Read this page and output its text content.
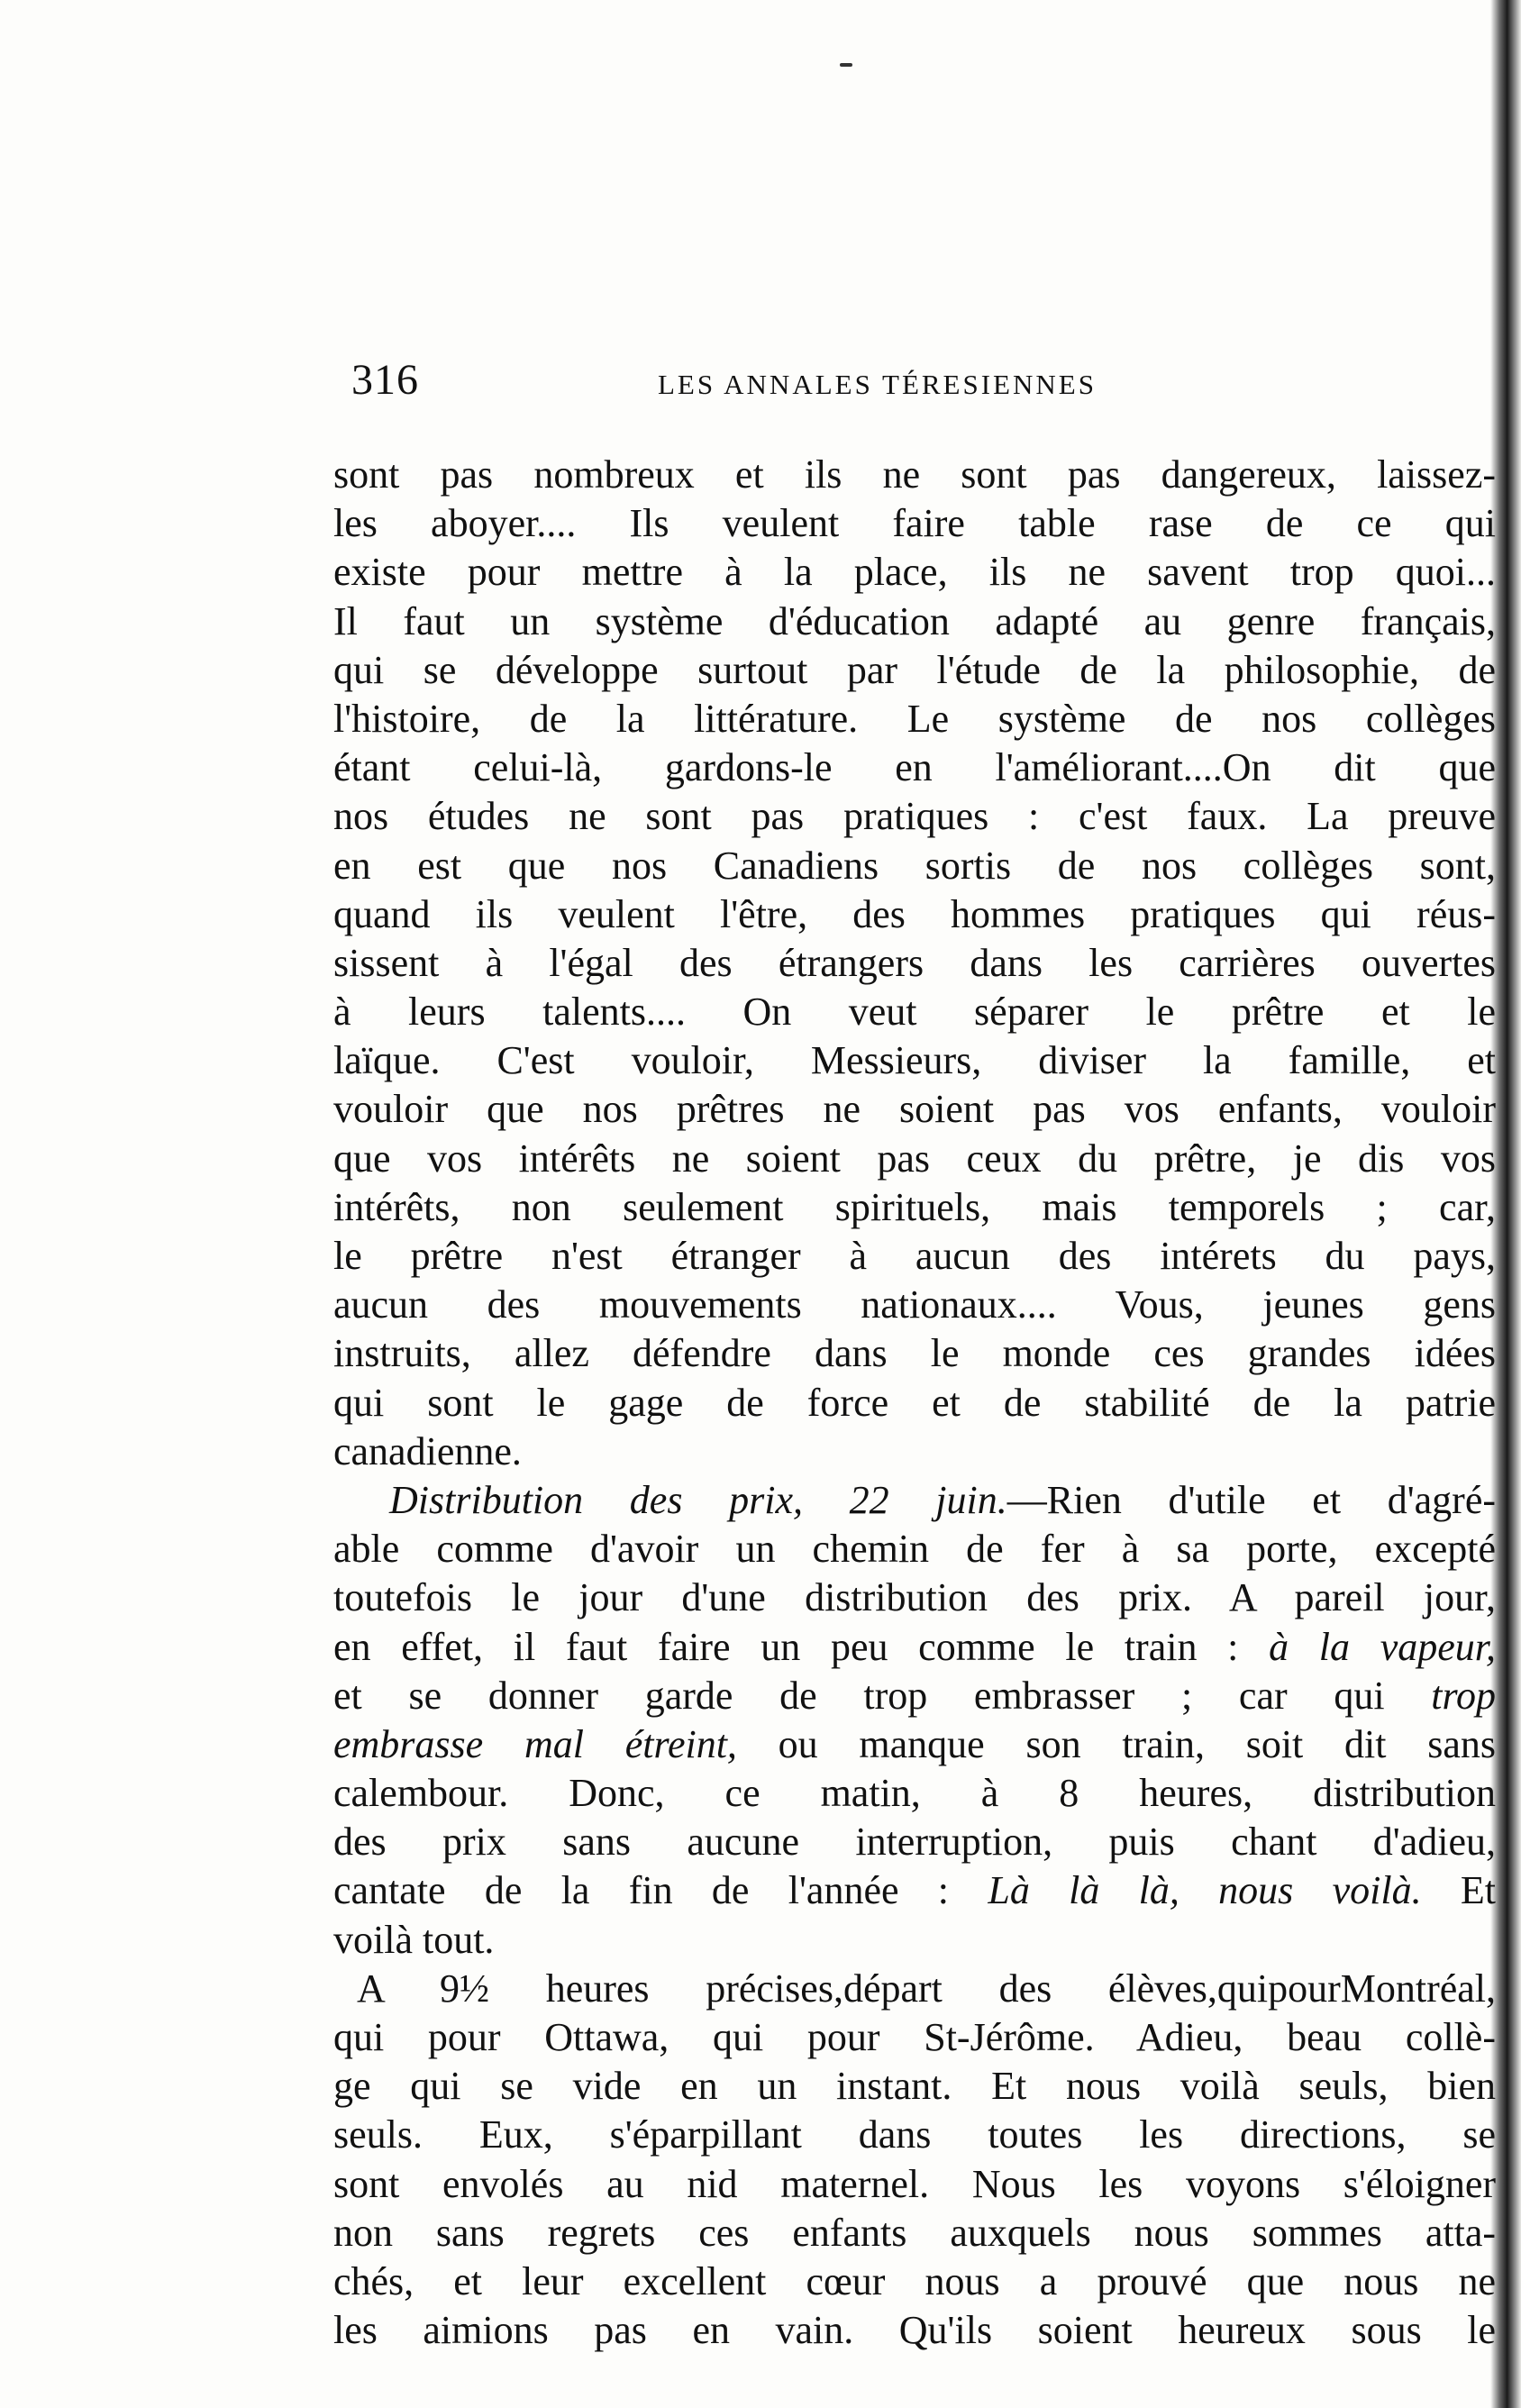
316	LES ANNALES TÉRESIENNES
sont pas nombreux et ils ne sont pas dangereux, laissez-
les aboyer.... Ils veulent faire table rase de ce qui
existe pour mettre à la place, ils ne savent trop quoi...
Il faut un système d'éducation adapté au genre français,
qui se développe surtout par l'étude de la philosophie, de
l'histoire, de la littérature. Le système de nos collèges
étant celui-là, gardons-le en l'améliorant....On dit que
nos études ne sont pas pratiques : c'est faux. La preuve
en est que nos Canadiens sortis de nos collèges sont,
quand ils veulent l'être, des hommes pratiques qui réus-
sissent à l'égal des étrangers dans les carrières ouvertes
à leurs talents.... On veut séparer le prêtre et le
laïque. C'est vouloir, Messieurs, diviser la famille, et
vouloir que nos prêtres ne soient pas vos enfants, vouloir
que vos intérêts ne soient pas ceux du prêtre, je dis vos
intérêts, non seulement spirituels, mais temporels ; car,
le prêtre n'est étranger à aucun des intérets du pays,
aucun des mouvements nationaux.... Vous, jeunes gens
instruits, allez défendre dans le monde ces grandes idées
qui sont le gage de force et de stabilité de la patrie
canadienne.
Distribution des prix, 22 juin.—Rien d'utile et d'agré-
able comme d'avoir un chemin de fer à sa porte, excepté
toutefois le jour d'une distribution des prix. A pareil jour,
en effet, il faut faire un peu comme le train : à la vapeur,
et se donner garde de trop embrasser ; car qui trop
embrasse mal étreint, ou manque son train, soit dit sans
calembour. Donc, ce matin, à 8 heures, distribution
des prix sans aucune interruption, puis chant d'adieu,
cantate de la fin de l'année : Là là là, nous voilà. Et
voilà tout.
A 9½ heures précises,départ des élèves,quipourMontréal,
qui pour Ottawa, qui pour St-Jérôme. Adieu, beau collè-
ge qui se vide en un instant. Et nous voilà seuls, bien
seuls. Eux, s'éparpillant dans toutes les directions, se
sont envolés au nid maternel. Nous les voyons s'éloigner
non sans regrets ces enfants auxquels nous sommes atta-
chés, et leur excellent cœur nous a prouvé que nous ne
les aimions pas en vain. Qu'ils soient heureux sous le
